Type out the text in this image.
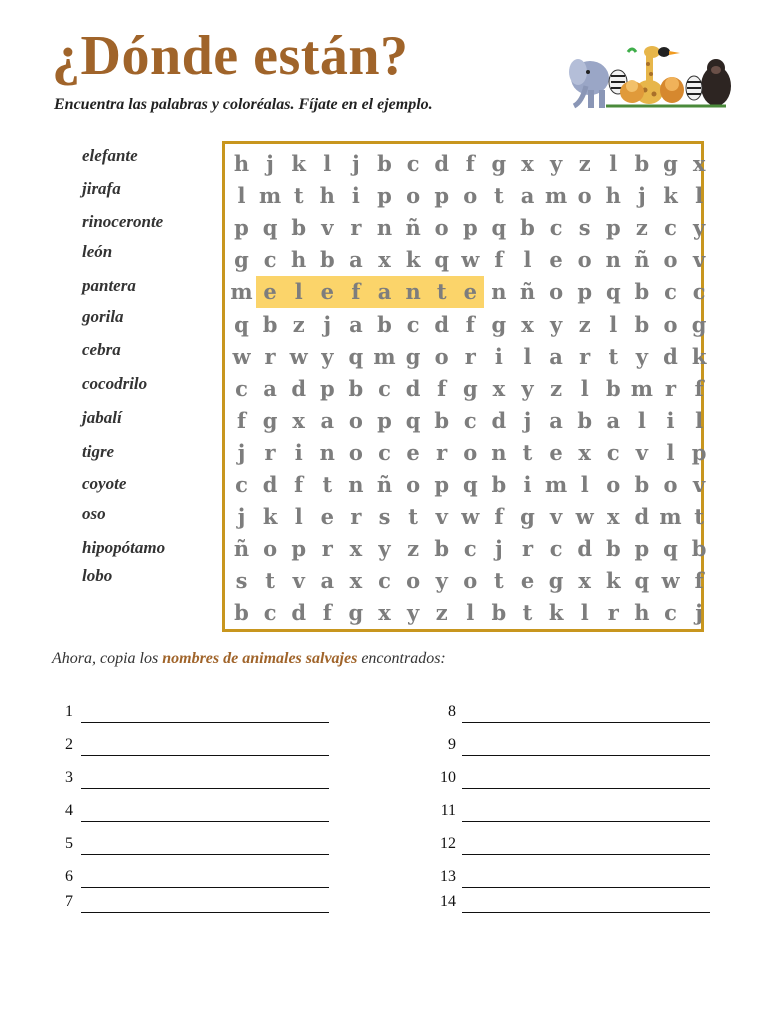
¿Dónde están?
Encuentra las palabras y coloréalas. Fíjate en el ejemplo.
elefante
jirafa
rinoceronte
león
pantera
gorila
cebra
cocodrilo
jabalí
tigre
coyote
oso
hipopótamo
lobo
h j k l j b c d f g x y z l b g x
l m t h i p o p o t a m o h j k l
p q b v r n ñ o p q b c s p z c y
g c h b a x k q w f l e o n ñ o v
m e l e f a n t e n ñ o p q b c c
q b z j a b c d f g x y z l b o g
w r w y q m g o r i l a r t y d k
c a d p b c d f g x y z l b m r f
f g x a o p q b c d j a b a l i l
j r i n o c e r o n t e x c v l p
c d f t n ñ o p q b i m l o b o v
j k l e r s t v w f g v w x d m t
ñ o p r x y z b c j r c d b p q b
s t v a x c o y o t e g x k q w f
b c d f g x y z l b t k l r h c j
Ahora, copia los nombres de animales salvajes encontrados:
1
2
3
4
5
6
7
8
9
10
11
12
13
14
